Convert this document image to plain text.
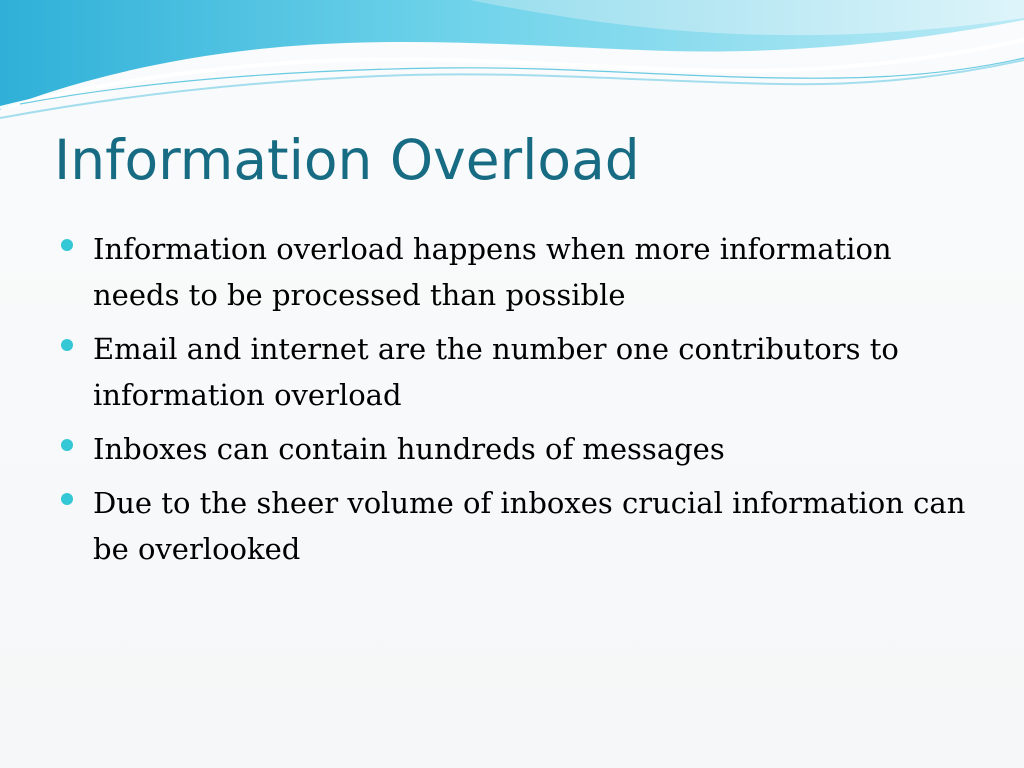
Information Overload
Information overload happens when more information needs to be processed than possible
Email and internet are the number one contributors to information overload
Inboxes can contain hundreds of messages
Due to the sheer volume of inboxes crucial information can be overlooked
